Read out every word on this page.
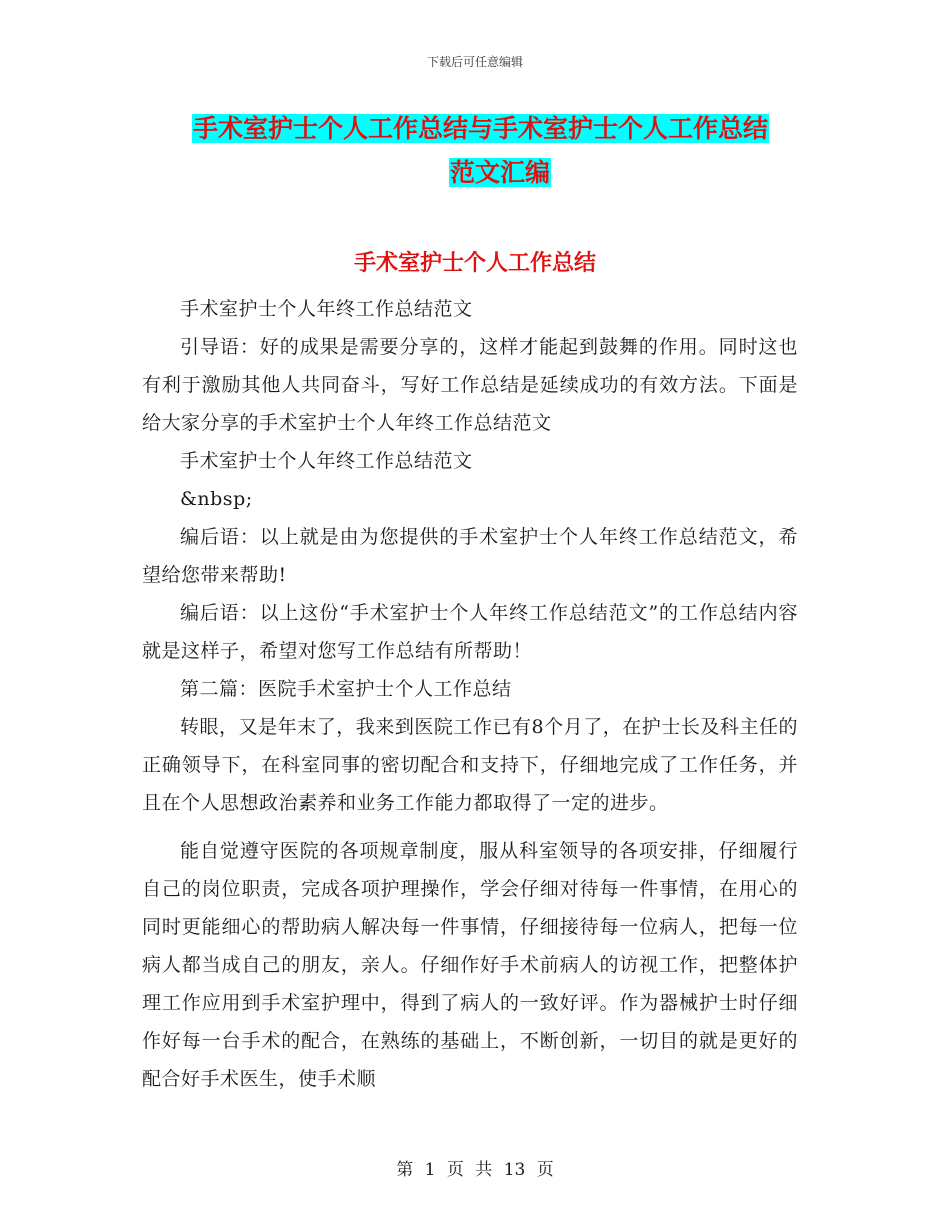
下载后可任意编辑
手术室护士个人工作总结与手术室护士个人工作总结
范文汇编
手术室护士个人工作总结

手术室护士个人年终工作总结范文

引导语：好的成果是需要分享的，这样才能起到鼓舞的作用。同时这也有利于激励其他人共同奋斗，写好工作总结是延续成功的有效方法。下面是给大家分享的手术室护士个人年终工作总结范文

手术室护士个人年终工作总结范文

&nbsp;

编后语：以上就是由为您提供的手术室护士个人年终工作总结范文，希望给您带来帮助!

编后语：以上这份“手术室护士个人年终工作总结范文”的工作总结内容就是这样子，希望对您写工作总结有所帮助！

第二篇：医院手术室护士个人工作总结

转眼，又是年末了，我来到医院工作已有8个月了，在护士长及科主任的正确领导下，在科室同事的密切配合和支持下，仔细地完成了工作任务，并且在个人思想政治素养和业务工作能力都取得了一定的进步。

能自觉遵守医院的各项规章制度，服从科室领导的各项安排，仔细履行自己的岗位职责，完成各项护理操作，学会仔细对待每一件事情，在用心的同时更能细心的帮助病人解决每一件事情，仔细接待每一位病人，把每一位病人都当成自己的朋友，亲人。仔细作好手术前病人的访视工作，把整体护理工作应用到手术室护理中，得到了病人的一致好评。作为器械护士时仔细作好每一台手术的配合，在熟练的基础上，不断创新，一切目的就是更好的配合好手术医生，使手术顺

第 1 页 共 13 页
